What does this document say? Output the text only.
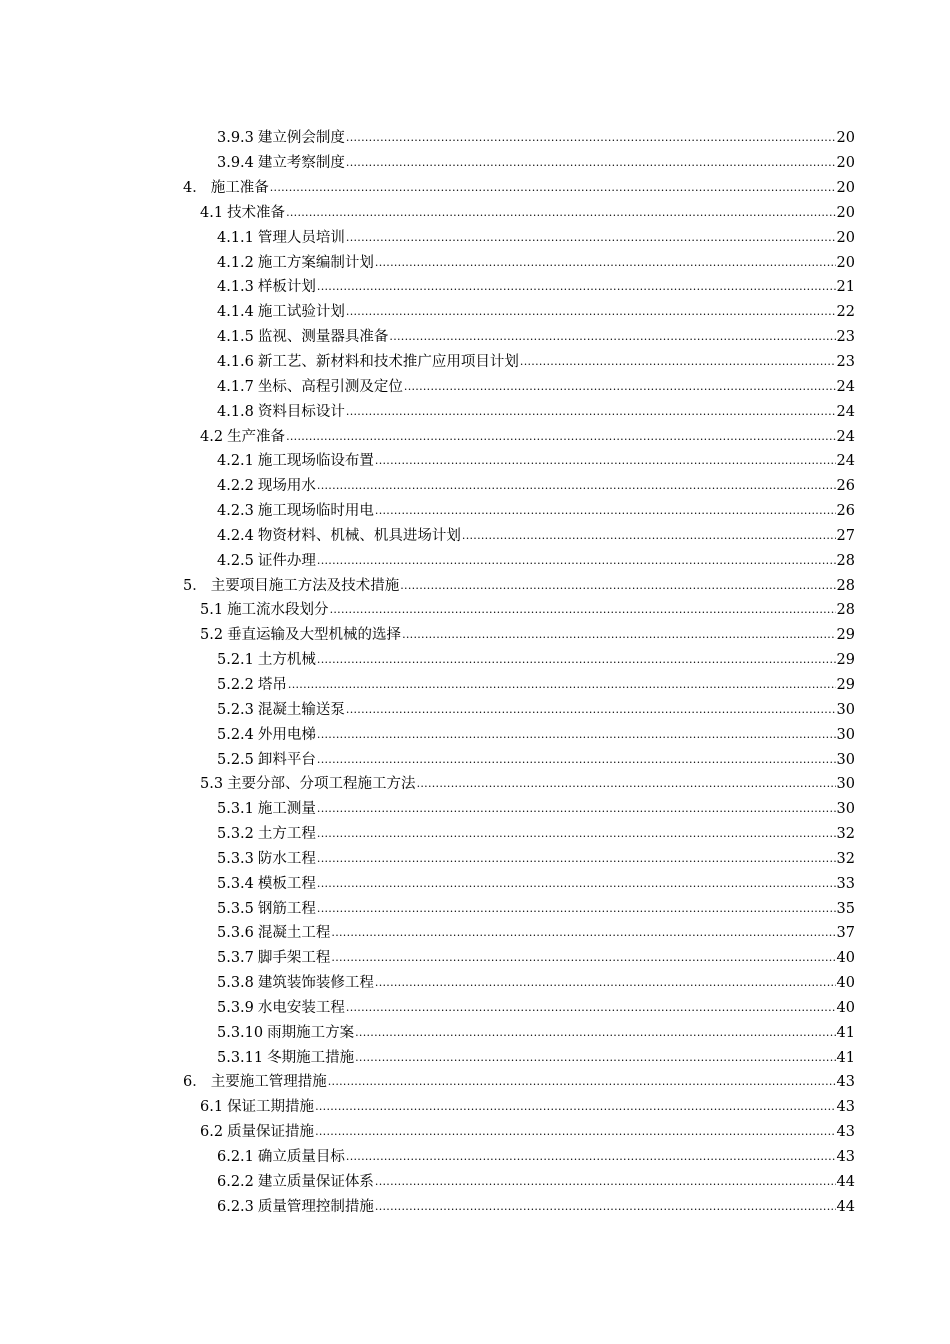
3.9.3 建立例会制度 .....	20
3.9.4 建立考察制度 .....	20
4． 施工准备 .....	20
4.1 技术准备 .....	20
4.1.1 管理人员培训 .....	20
4.1.2 施工方案编制计划 .....	20
4.1.3 样板计划 .....	21
4.1.4 施工试验计划 .....	22
4.1.5 监视、测量器具准备 .....	23
4.1.6 新工艺、新材料和技术推广应用项目计划 .....	23
4.1.7 坐标、高程引测及定位 .....	24
4.1.8 资料目标设计 .....	24
4.2 生产准备 .....	24
4.2.1 施工现场临设布置 .....	24
4.2.2 现场用水 .....	26
4.2.3 施工现场临时用电 .....	26
4.2.4 物资材料、机械、机具进场计划 .....	27
4.2.5 证件办理 .....	28
5． 主要项目施工方法及技术措施 .....	28
5.1 施工流水段划分 .....	28
5.2 垂直运输及大型机械的选择 .....	29
5.2.1 土方机械 .....	29
5.2.2 塔吊 .....	29
5.2.3 混凝土输送泵 .....	30
5.2.4 外用电梯 .....	30
5.2.5 卸料平台 .....	30
5.3 主要分部、分项工程施工方法 .....	30
5.3.1 施工测量 .....	30
5.3.2 土方工程 .....	32
5.3.3 防水工程 .....	32
5.3.4 模板工程 .....	33
5.3.5 钢筋工程 .....	35
5.3.6 混凝土工程 .....	37
5.3.7 脚手架工程 .....	40
5.3.8 建筑装饰装修工程 .....	40
5.3.9 水电安装工程 .....	40
5.3.10 雨期施工方案 .....	41
5.3.11 冬期施工措施 .....	41
6． 主要施工管理措施 .....	43
6.1 保证工期措施 .....	43
6.2 质量保证措施 .....	43
6.2.1 确立质量目标 .....	43
6.2.2 建立质量保证体系 .....	44
6.2.3 质量管理控制措施 .....	44
